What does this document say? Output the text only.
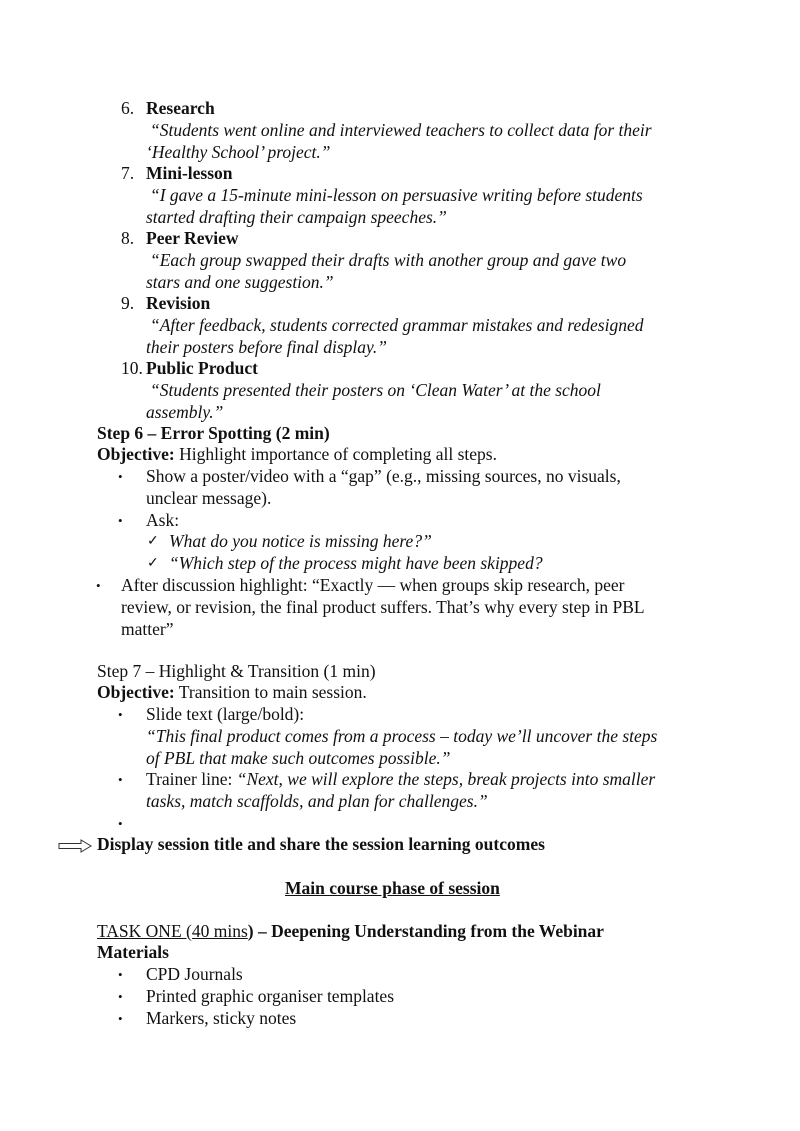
6. Research
“Students went online and interviewed teachers to collect data for their
‘Healthy School’ project.”
7. Mini-lesson
“I gave a 15-minute mini-lesson on persuasive writing before students
started drafting their campaign speeches.”
8. Peer Review
“Each group swapped their drafts with another group and gave two
stars and one suggestion.”
9. Revision
“After feedback, students corrected grammar mistakes and redesigned
their posters before final display.”
10. Public Product
“Students presented their posters on ‘Clean Water’ at the school
assembly.”
Step 6 – Error Spotting (2 min)
Objective: Highlight importance of completing all steps.
• Show a poster/video with a “gap” (e.g., missing sources, no visuals,
unclear message).
• Ask:
✓ What do you notice is missing here?”
✓ “Which step of the process might have been skipped?
• After discussion highlight: “Exactly — when groups skip research, peer
review, or revision, the final product suffers. That’s why every step in PBL
matter”
Step 7 – Highlight & Transition (1 min)
Objective: Transition to main session.
• Slide text (large/bold):
“This final product comes from a process – today we’ll uncover the steps
of PBL that make such outcomes possible.”
• Trainer line: “Next, we will explore the steps, break projects into smaller
tasks, match scaffolds, and plan for challenges.”
•
Display session title and share the session learning outcomes
Main course phase of session
TASK ONE (40 mins) – Deepening Understanding from the Webinar
Materials
• CPD Journals
• Printed graphic organiser templates
• Markers, sticky notes
